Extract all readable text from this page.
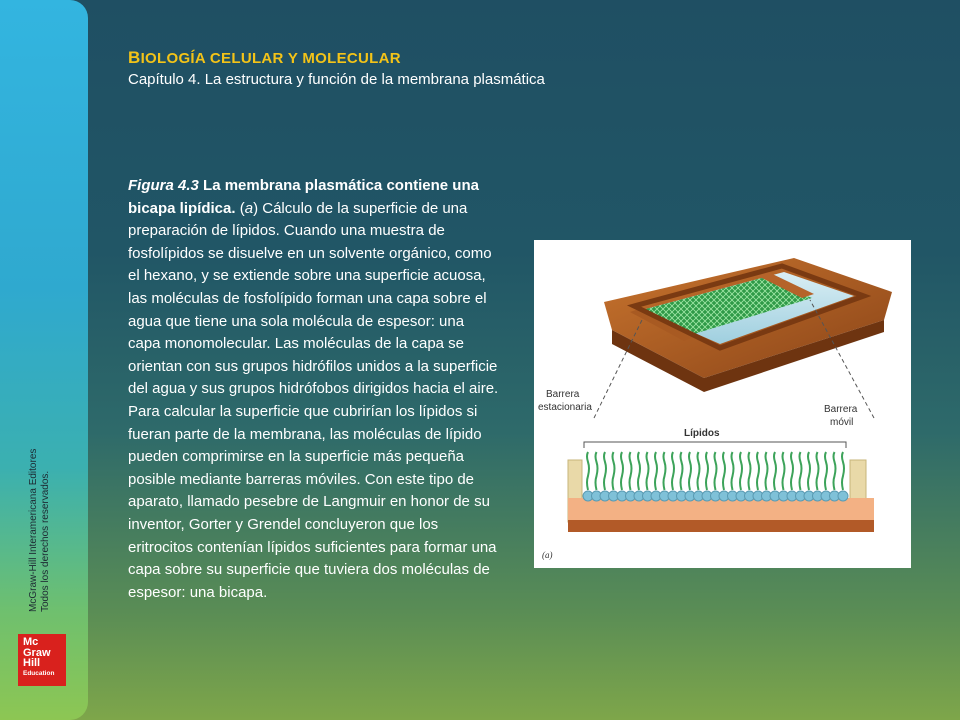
McGraw-Hill Interamericana Editores Todos los derechos reservados.
Mc
Graw
Hill
Education
BIOLOGÍA CELULAR Y MOLECULAR
Capítulo 4. La estructura y función de la membrana plasmática
Figura 4.3 La membrana plasmática contiene una bicapa lipídica. (a) Cálculo de la superficie de una preparación de lípidos. Cuando una muestra de fosfolípidos se disuelve en un solvente orgánico, como el hexano, y se extiende sobre una superficie acuosa, las moléculas de fosfolípido forman una capa sobre el agua que tiene una sola molécula de espesor: una capa monomolecular. Las moléculas de la capa se orientan con sus grupos hidrófilos unidos a la superficie del agua y sus grupos hidrófobos dirigidos hacia el aire. Para calcular la superficie que cubrirían los lípidos si fueran parte de la membrana, las moléculas de lípido pueden comprimirse en la superficie más pequeña posible mediante barreras móviles. Con este tipo de aparato, llamado pesebre de Langmuir en honor de su inventor, Gorter y Grendel concluyeron que los eritrocitos contenían lípidos suficientes para formar una capa sobre su superficie que tuviera dos moléculas de espesor: una bicapa.
Barrera
estacionaria	Barrera
móvil
Lípidos
(a)
